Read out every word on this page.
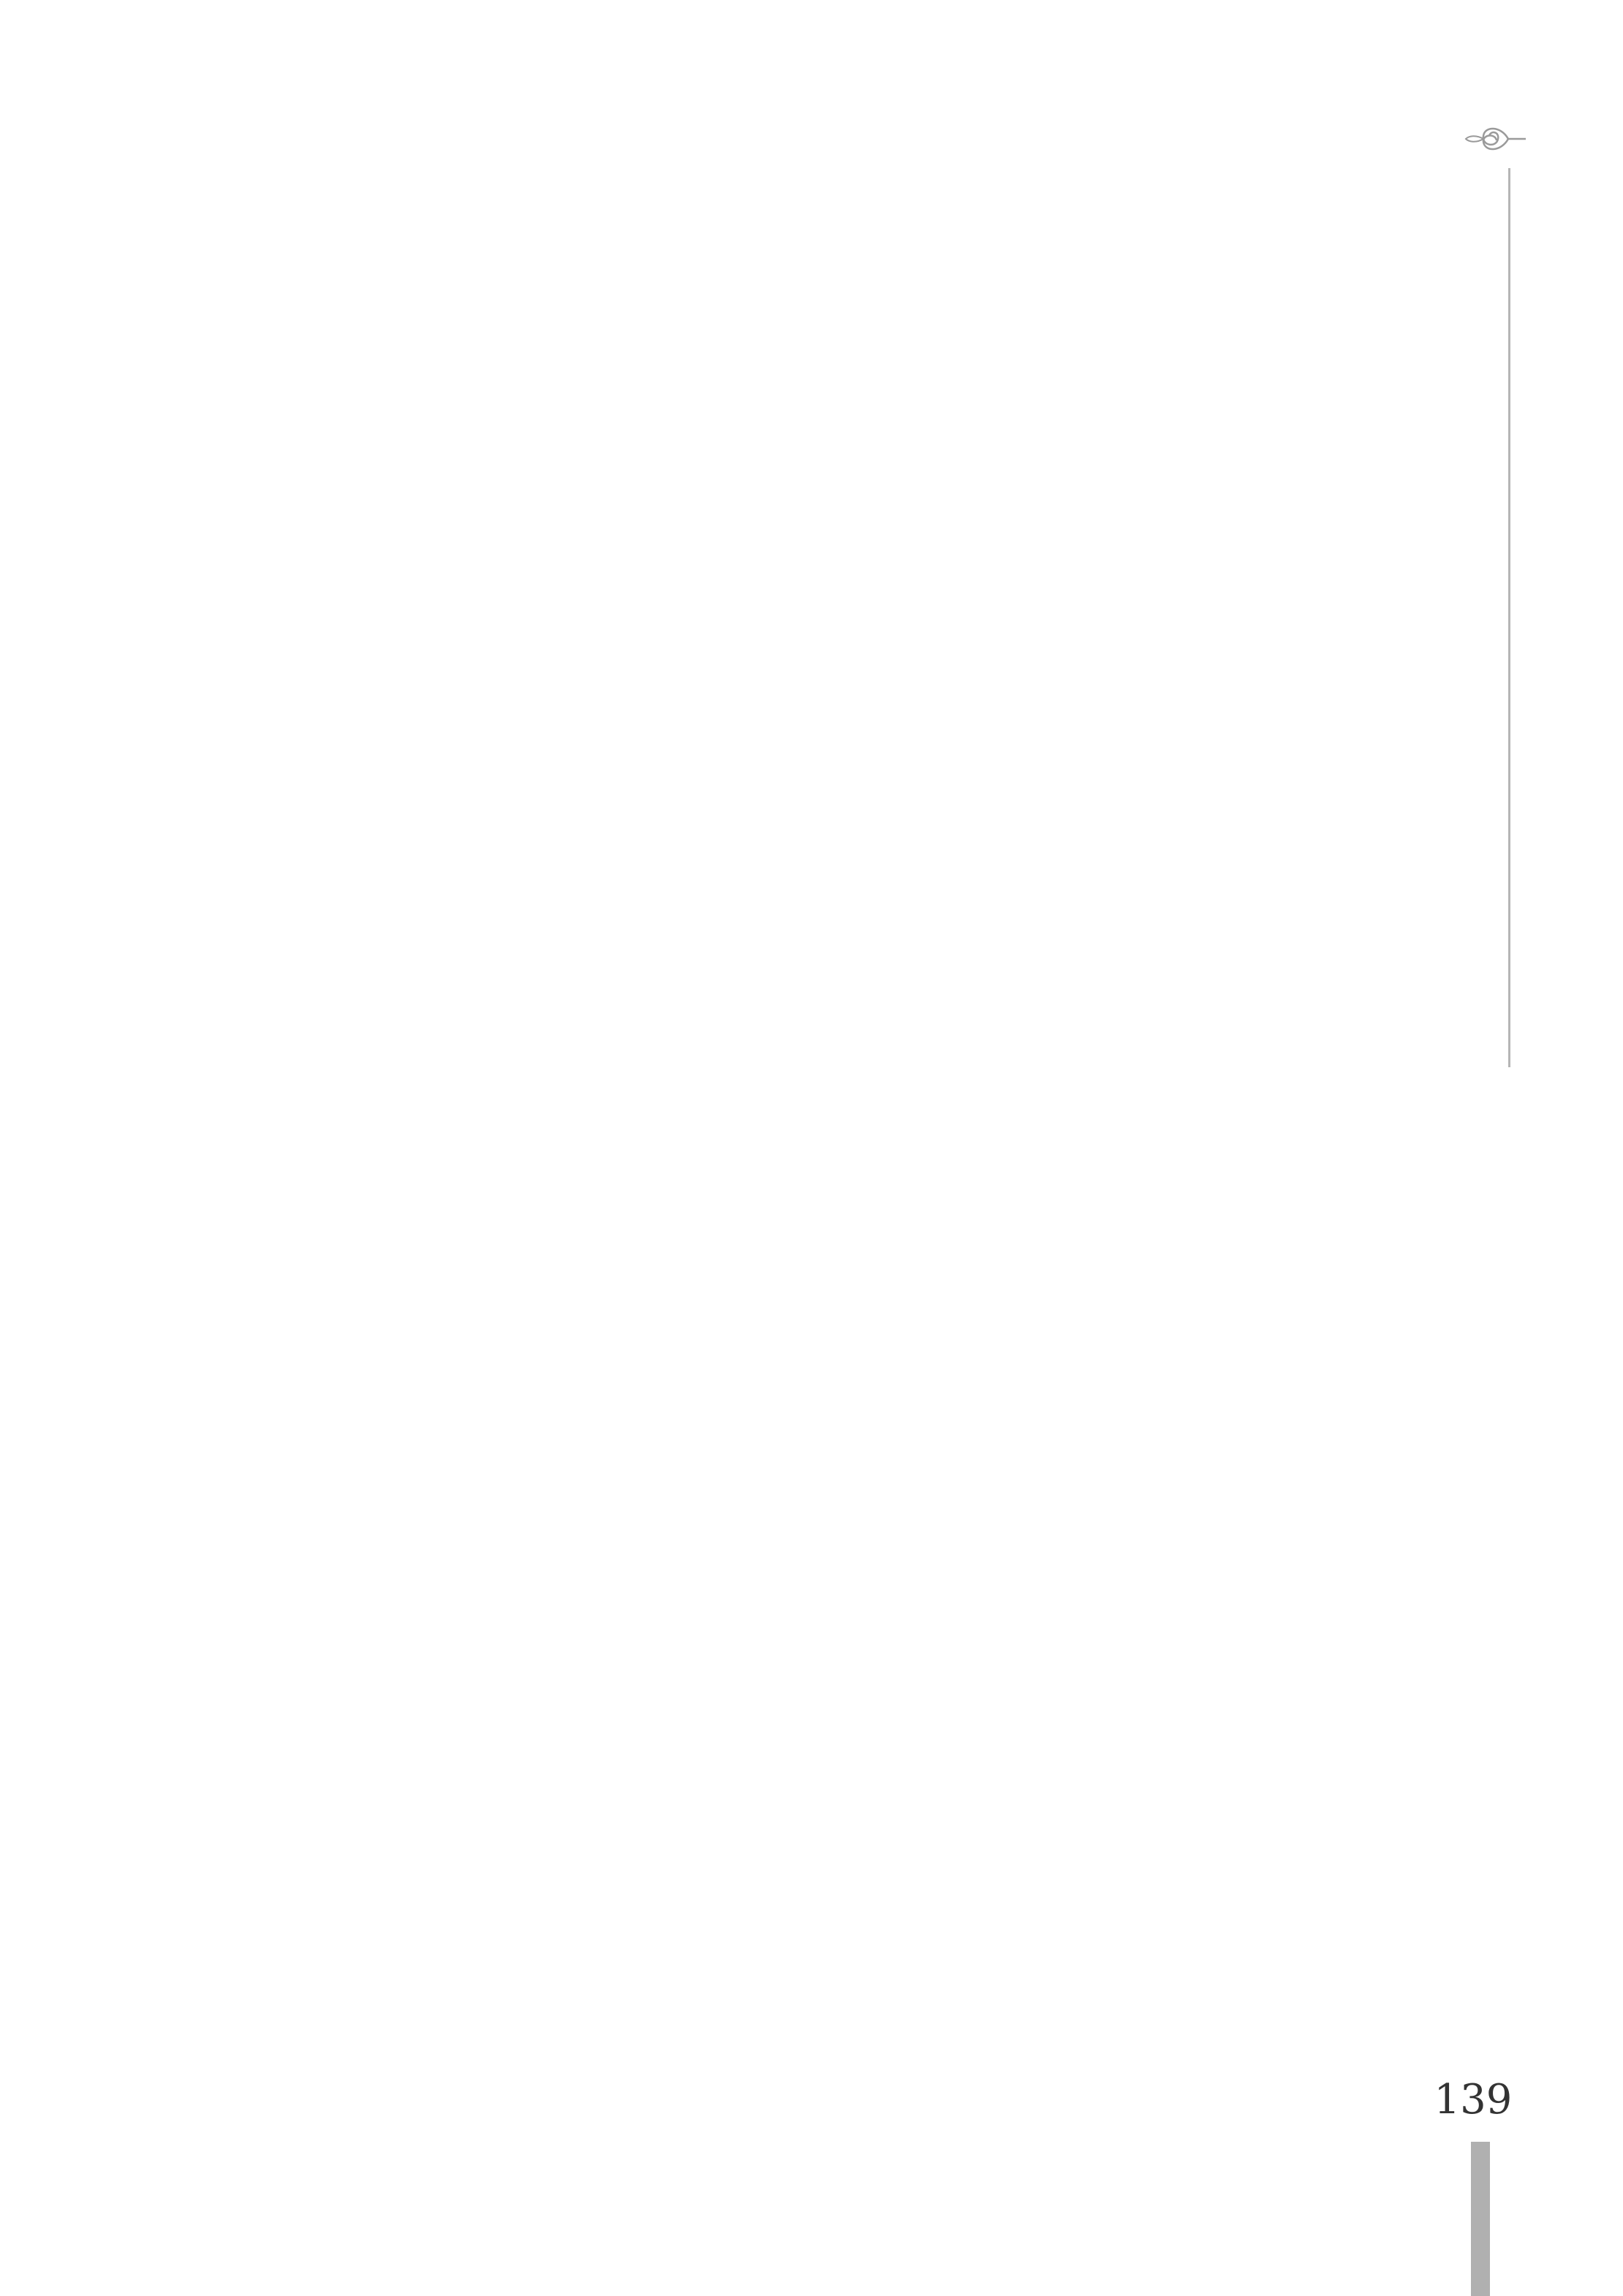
139
